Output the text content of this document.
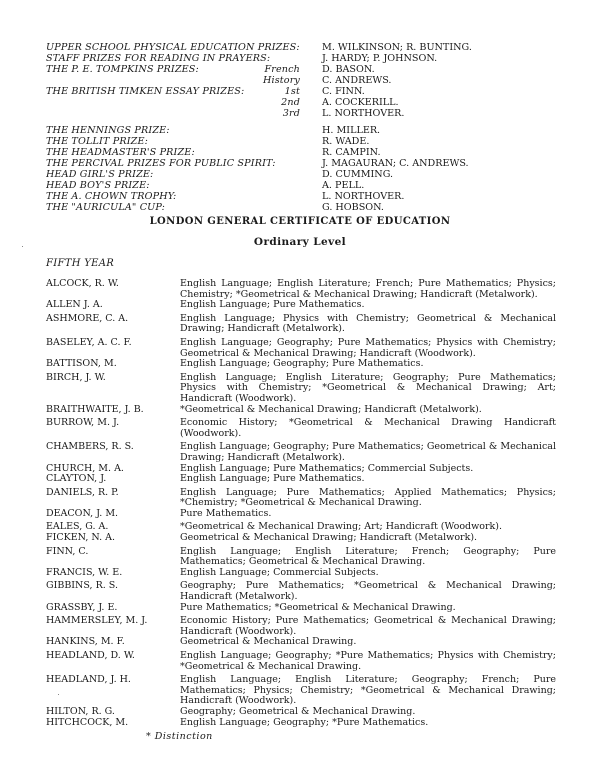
UPPER SCHOOL PHYSICAL EDUCATION PRIZES:	M. WILKINSON; R. BUNTING.
STAFF PRIZES FOR READING IN PRAYERS:	J. HARDY; P. JOHNSON.
THE P. E. TOMPKINS PRIZES:	French D. BASON.
History C. ANDREWS.
THE BRITISH TIMKEN ESSAY PRIZES:	1st C. FINN.
2nd A. COCKERILL.
3rd L. NORTHOVER.
THE HENNINGS PRIZE:	H. MILLER.
THE TOLLIT PRIZE:	R. WADE.
THE HEADMASTER'S PRIZE:	R. CAMPIN.
THE PERCIVAL PRIZES FOR PUBLIC SPIRIT:	J. MAGAURAN; C. ANDREWS.
HEAD GIRL'S PRIZE:	D. CUMMING.
HEAD BOY'S PRIZE:	A. PELL.
THE A. CHOWN TROPHY:	L. NORTHOVER.
THE "AURICULA" CUP:	G. HOBSON.
LONDON GENERAL CERTIFICATE OF EDUCATION
Ordinary Level
FIFTH YEAR
ALCOCK, R. W.	English Language; English Literature; French; Pure Mathematics; Physics; Chemistry; *Geometrical & Mechanical Drawing; Handicraft (Metalwork).
ALLEN J. A.	English Language; Pure Mathematics.
ASHMORE, C. A.	English Language; Physics with Chemistry; Geometrical & Mechanical Drawing; Handicraft (Metalwork).
BASELEY, A. C. F.	English Language; Geography; Pure Mathematics; Physics with Chemistry; Geometrical & Mechanical Drawing; Handicraft (Woodwork).
BATTISON, M.	English Language; Geography; Pure Mathematics.
BIRCH, J. W.	English Language; English Literature; Geography; Pure Mathematics; Physics with Chemistry; *Geometrical & Mechanical Drawing; Art; Handicraft (Woodwork).
BRAITHWAITE, J. B.	*Geometrical & Mechanical Drawing; Handicraft (Metalwork).
BURROW, M. J.	Economic History; *Geometrical & Mechanical Drawing Handicraft (Woodwork).
CHAMBERS, R. S.	English Language; Geography; Pure Mathematics; Geometrical & Mechanical Drawing; Handicraft (Metalwork).
CHURCH, M. A.	English Language; Pure Mathematics; Commercial Subjects.
CLAYTON, J.	English Language; Pure Mathematics.
DANIELS, R. P.	English Language; Pure Mathematics; Applied Mathematics; Physics; *Chemistry; *Geometrical & Mechanical Drawing.
DEACON, J. M.	Pure Mathematics.
EALES, G. A.	*Geometrical & Mechanical Drawing; Art; Handicraft (Woodwork).
FICKEN, N. A.	Geometrical & Mechanical Drawing; Handicraft (Metalwork).
FINN, C.	English Language; English Literature; French; Geography; Pure Mathematics; Geometrical & Mechanical Drawing.
FRANCIS, W. E.	English Language; Commercial Subjects.
GIBBINS, R. S.	Geography; Pure Mathematics; *Geometrical & Mechanical Drawing; Handicraft (Metalwork).
GRASSBY, J. E.	Pure Mathematics; *Geometrical & Mechanical Drawing.
HAMMERSLEY, M. J.	Economic History; Pure Mathematics; Geometrical & Mechanical Drawing; Handicraft (Woodwork).
HANKINS, M. F.	Geometrical & Mechanical Drawing.
HEADLAND, D. W.	English Language; Geography; *Pure Mathematics; Physics with Chemistry; *Geometrical & Mechanical Drawing.
HEADLAND, J. H.	English Language; English Literature; Geography; French; Pure Mathematics; Physics; Chemistry; *Geometrical & Mechanical Drawing; Handicraft (Woodwork).
HILTON, R. G.	Geography; Geometrical & Mechanical Drawing.
HITCHCOCK, M.	English Language; Geography; *Pure Mathematics.
* Distinction
